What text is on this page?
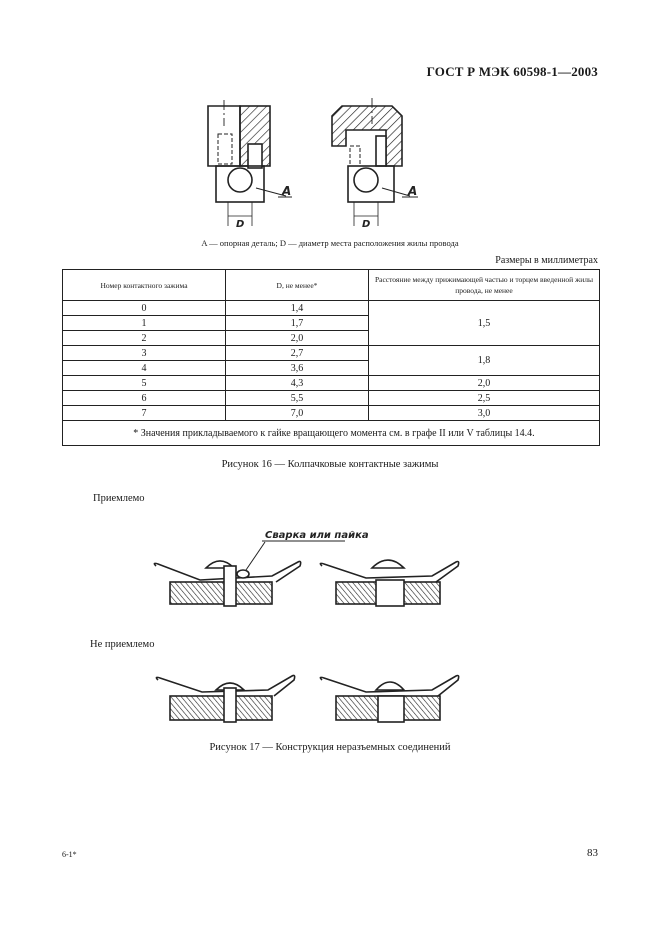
ГОСТ Р МЭК 60598-1—2003
A
D
A
D
A — опорная деталь; D — диаметр места расположения жилы провода
Размеры в миллиметрах
Номер контактного зажима	D, не менее*	Расстояние между прижимающей частью и торцем введенной жилы провода, не менее
0	1,4	1,5
1	1,7	
2	2,0	
3	2,7	1,8
4	3,6	
5	4,3	2,0
6	5,5	2,5
7	7,0	3,0
* Значения прикладываемого к гайке вращающего момента см. в графе II или V таблицы 14.4.		
Рисунок 16 — Колпачковые контактные зажимы
Приемлемо
Сварка или пайка
Не приемлемо
Рисунок 17 — Конструкция неразъемных соединений
6-1*	83
